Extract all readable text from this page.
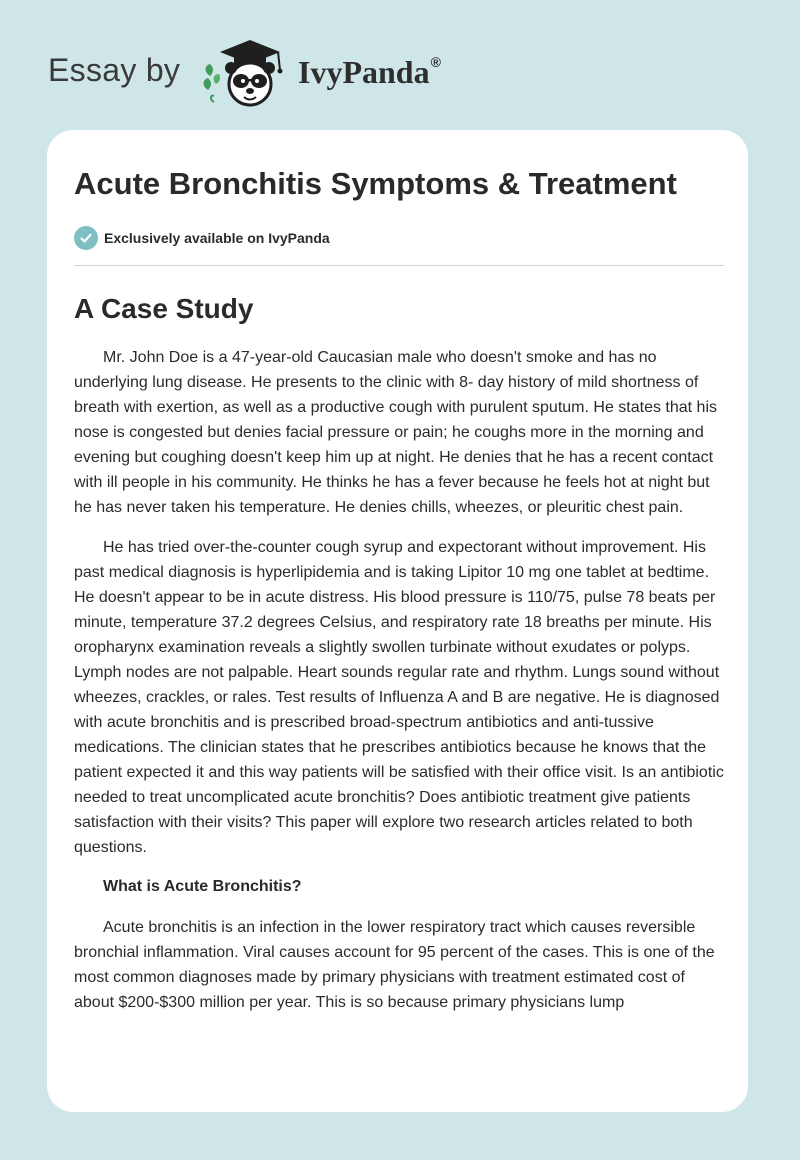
Essay by	IvyPanda®
Acute Bronchitis Symptoms & Treatment
Exclusively available on IvyPanda
A Case Study

Mr. John Doe is a 47-year-old Caucasian male who doesn't smoke and has no underlying lung disease. He presents to the clinic with 8- day history of mild shortness of breath with exertion, as well as a productive cough with purulent sputum. He states that his nose is congested but denies facial pressure or pain; he coughs more in the morning and evening but coughing doesn't keep him up at night. He denies that he has a recent contact with ill people in his community. He thinks he has a fever because he feels hot at night but he has never taken his temperature. He denies chills, wheezes, or pleuritic chest pain.

He has tried over-the-counter cough syrup and expectorant without improvement. His past medical diagnosis is hyperlipidemia and is taking Lipitor 10 mg one tablet at bedtime. He doesn't appear to be in acute distress. His blood pressure is 110/75, pulse 78 beats per minute, temperature 37.2 degrees Celsius, and respiratory rate 18 breaths per minute. His oropharynx examination reveals a slightly swollen turbinate without exudates or polyps. Lymph nodes are not palpable. Heart sounds regular rate and rhythm. Lungs sound without wheezes, crackles, or rales. Test results of Influenza A and B are negative. He is diagnosed with acute bronchitis and is prescribed broad-spectrum antibiotics and anti-tussive medications. The clinician states that he prescribes antibiotics because he knows that the patient expected it and this way patients will be satisfied with their office visit. Is an antibiotic needed to treat uncomplicated acute bronchitis? Does antibiotic treatment give patients satisfaction with their visits? This paper will explore two research articles related to both questions.

What is Acute Bronchitis?

Acute bronchitis is an infection in the lower respiratory tract which causes reversible bronchial inflammation. Viral causes account for 95 percent of the cases. This is one of the most common diagnoses made by primary physicians with treatment estimated cost of about $200-$300 million per year. This is so because primary physicians lump
